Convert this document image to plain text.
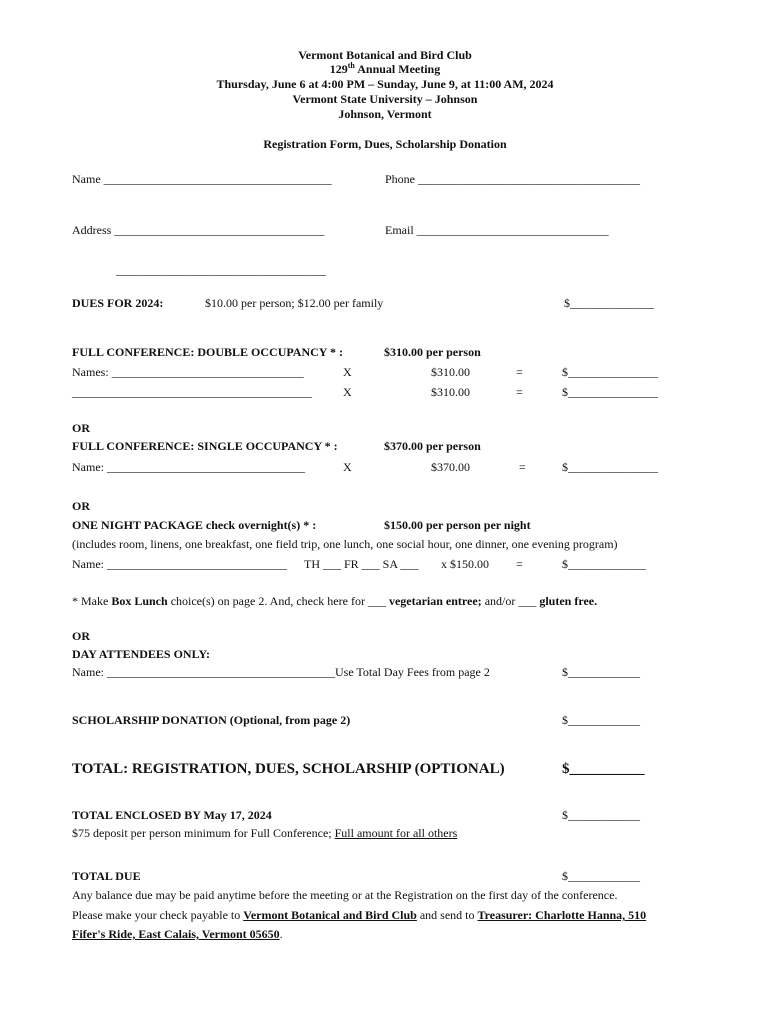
Vermont Botanical and Bird Club
129th Annual Meeting
Thursday, June 6 at 4:00 PM – Sunday, June 9, at 11:00 AM, 2024
Vermont State University – Johnson
Johnson, Vermont
Registration Form, Dues, Scholarship Donation
Name ______________________________________	Phone _____________________________________
Address ___________________________________	Email ________________________________
___________________________________
DUES FOR 2024:	$10.00 per person; $12.00 per family	$______________
FULL CONFERENCE: DOUBLE OCCUPANCY * :	$310.00 per person
Names: ________________________________	X	$310.00	=	$_______________
________________________________________	X	$310.00	=	$_______________
OR
FULL CONFERENCE: SINGLE OCCUPANCY * :	$370.00 per person
Name: _________________________________	X	$370.00	=	$_______________
OR
ONE NIGHT PACKAGE check overnight(s) * :	$150.00 per person per night
(includes room, linens, one breakfast, one field trip, one lunch, one social hour, one dinner, one evening program)
Name: ______________________________ TH ___ FR ___ SA ___ x $150.00 =	$_____________
* Make Box Lunch choice(s) on page 2. And, check here for ___ vegetarian entree; and/or ___ gluten free.
OR
DAY ATTENDEES ONLY:
Name: ______________________________________Use Total Day Fees from page 2	$____________
SCHOLARSHIP DONATION (Optional, from page 2)	$____________
TOTAL: REGISTRATION, DUES, SCHOLARSHIP (OPTIONAL)	$__________
TOTAL ENCLOSED BY May 17, 2024	$____________
$75 deposit per person minimum for Full Conference; Full amount for all others
TOTAL DUE	$____________
Any balance due may be paid anytime before the meeting or at the Registration on the first day of the conference.
Please make your check payable to Vermont Botanical and Bird Club and send to Treasurer: Charlotte Hanna, 510
Fifer's Ride, East Calais, Vermont 05650.
